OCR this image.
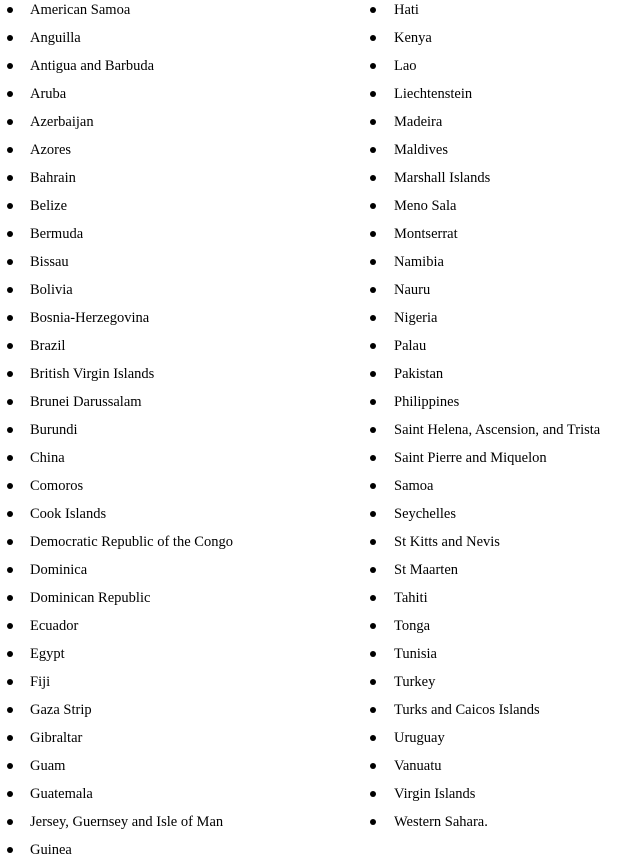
American Samoa
Anguilla
Antigua and Barbuda
Aruba
Azerbaijan
Azores
Bahrain
Belize
Bermuda
Bissau
Bolivia
Bosnia-Herzegovina
Brazil
British Virgin Islands
Brunei Darussalam
Burundi
China
Comoros
Cook Islands
Democratic Republic of the Congo
Dominica
Dominican Republic
Ecuador
Egypt
Fiji
Gaza Strip
Gibraltar
Guam
Guatemala
Jersey, Guernsey and Isle of Man
Guinea
Hati
Kenya
Lao
Liechtenstein
Madeira
Maldives
Marshall Islands
Meno Sala
Montserrat
Namibia
Nauru
Nigeria
Palau
Pakistan
Philippines
Saint Helena, Ascension, and Trista
Saint Pierre and Miquelon
Samoa
Seychelles
St Kitts and Nevis
St Maarten
Tahiti
Tonga
Tunisia
Turkey
Turks and Caicos Islands
Uruguay
Vanuatu
Virgin Islands
Western Sahara.
